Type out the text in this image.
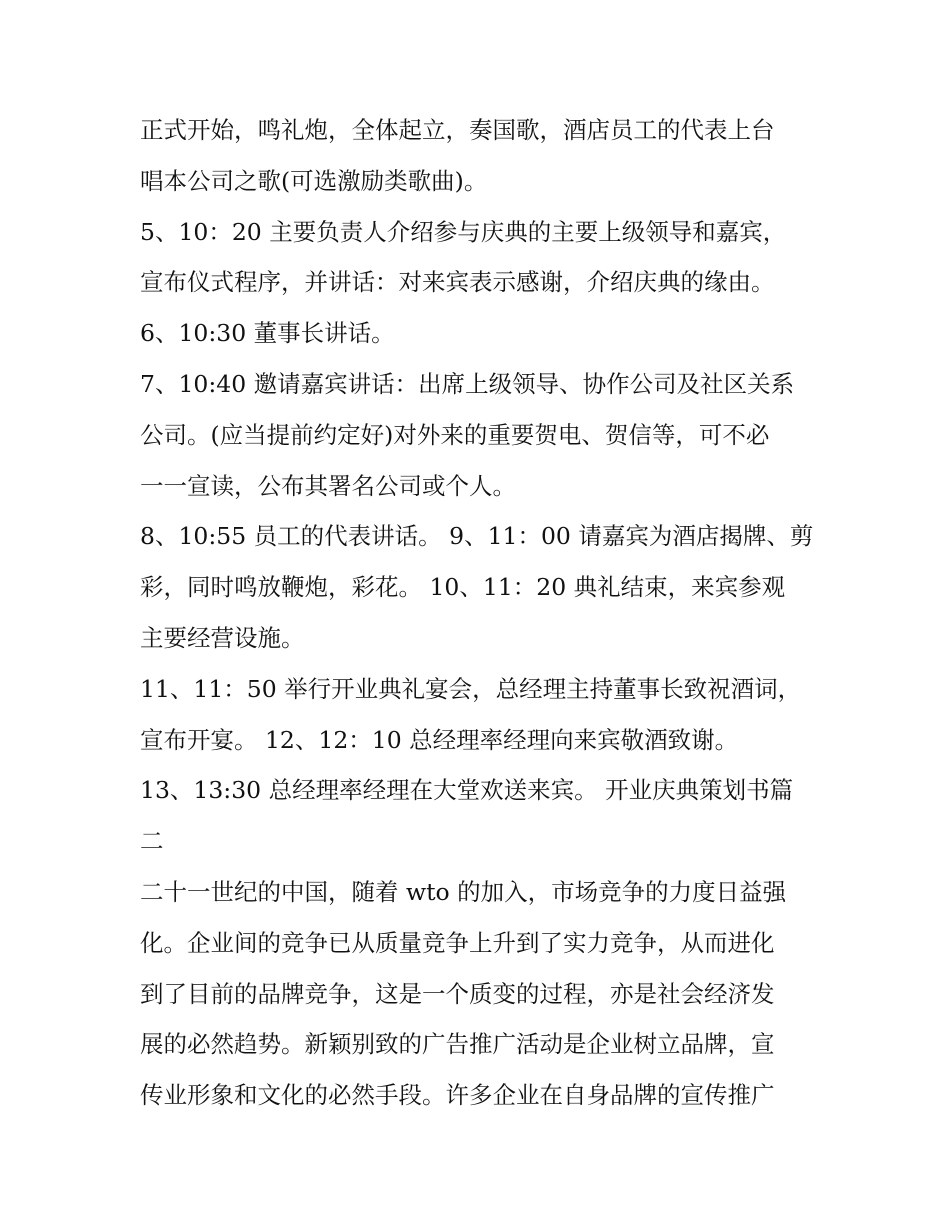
正式开始，鸣礼炮，全体起立，奏国歌，酒店员工的代表上台
唱本公司之歌(可选激励类歌曲)。
5、10：20 主要负责人介绍参与庆典的主要上级领导和嘉宾，
宣布仪式程序，并讲话：对来宾表示感谢，介绍庆典的缘由。
6、10:30 董事长讲话。
7、10:40 邀请嘉宾讲话：出席上级领导、协作公司及社区关系
公司。(应当提前约定好)对外来的重要贺电、贺信等，可不必
一一宣读，公布其署名公司或个人。
8、10:55 员工的代表讲话。 9、11：00 请嘉宾为酒店揭牌、剪
彩，同时鸣放鞭炮，彩花。 10、11：20 典礼结束，来宾参观
主要经营设施。
11、11：50 举行开业典礼宴会，总经理主持董事长致祝酒词，
宣布开宴。 12、12：10 总经理率经理向来宾敬酒致谢。
13、13:30 总经理率经理在大堂欢送来宾。 开业庆典策划书篇
二
二十一世纪的中国，随着 wto 的加入，市场竞争的力度日益强
化。企业间的竞争已从质量竞争上升到了实力竞争，从而进化
到了目前的品牌竞争，这是一个质变的过程，亦是社会经济发
展的必然趋势。新颖别致的广告推广活动是企业树立品牌，宣
传业形象和文化的必然手段。许多企业在自身品牌的宣传推广
